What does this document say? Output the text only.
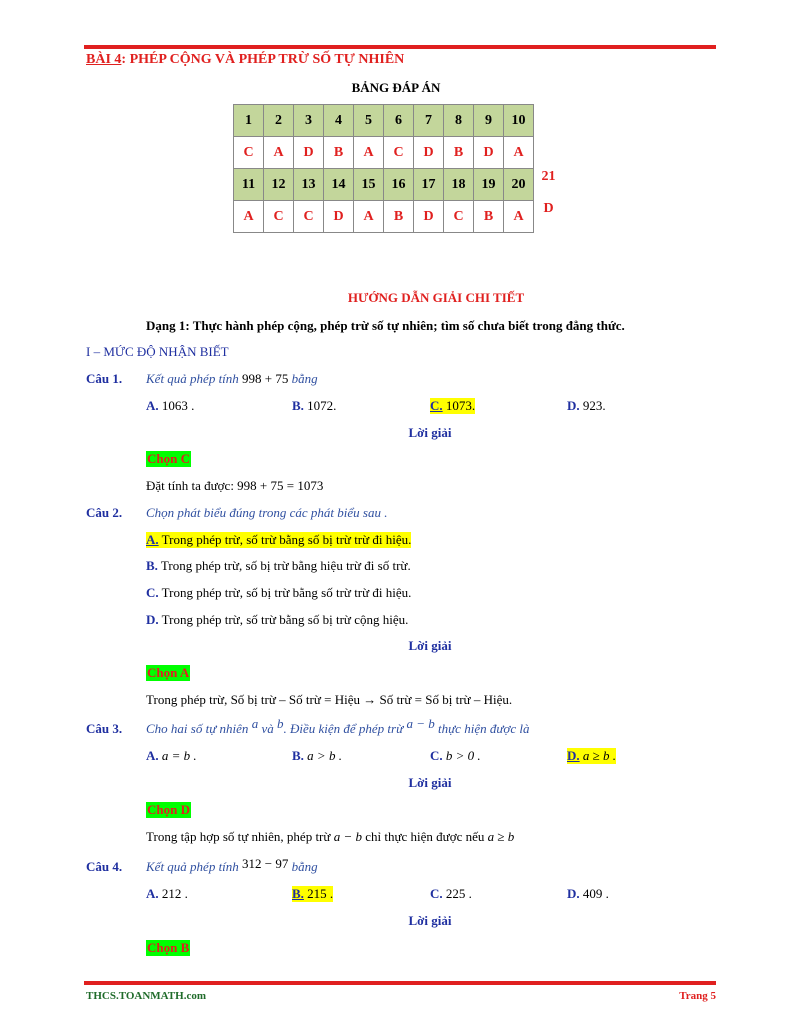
BÀI 4: PHÉP CỘNG VÀ PHÉP TRỪ SỐ TỰ NHIÊN
BẢNG ĐÁP ÁN
1	2	3	4	5	6	7	8	9	10	
C	A	D	B	A	C	D	B	D	A	
11	12	13	14	15	16	17	18	19	20	21
A	C	C	D	A	B	D	C	B	A	D
HƯỚNG DẪN GIẢI CHI TIẾT
Dạng 1: Thực hành phép cộng, phép trừ số tự nhiên; tìm số chưa biết trong đẳng thức.
I – MỨC ĐỘ NHẬN BIẾT
Câu 1. Kết quả phép tính 998 + 75 bằng
A. 1063 .	B. 1072.	C. 1073.	D. 923.
Lời giải
Chọn C
Đặt tính ta được: 998 + 75 = 1073
Câu 2. Chọn phát biểu đúng trong các phát biểu sau .
A. Trong phép trừ, số trừ bằng số bị trừ trừ đi hiệu.
B. Trong phép trừ, số bị trừ bằng hiệu trừ đi số trừ.
C. Trong phép trừ, số bị trừ bằng số trừ trừ đi hiệu.
D. Trong phép trừ, số trừ bằng số bị trừ cộng hiệu.
Lời giải
Chọn A
Trong phép trừ, Số bị trừ – Số trừ = Hiệu → Số trừ = Số bị trừ – Hiệu.
Câu 3. Cho hai số tự nhiên a và b. Điều kiện để phép trừ a − b thực hiện được là
A. a = b .	B. a > b .	C. b > 0 .	D. a ≥ b .
Lời giải
Chọn D
Trong tập hợp số tự nhiên, phép trừ a − b chỉ thực hiện được nếu a ≥ b
Câu 4. Kết quả phép tính 312 − 97 bằng
A. 212 .	B. 215 .	C. 225 .	D. 409 .
Lời giải
Chọn B
THCS.TOANMATH.com	Trang 5
